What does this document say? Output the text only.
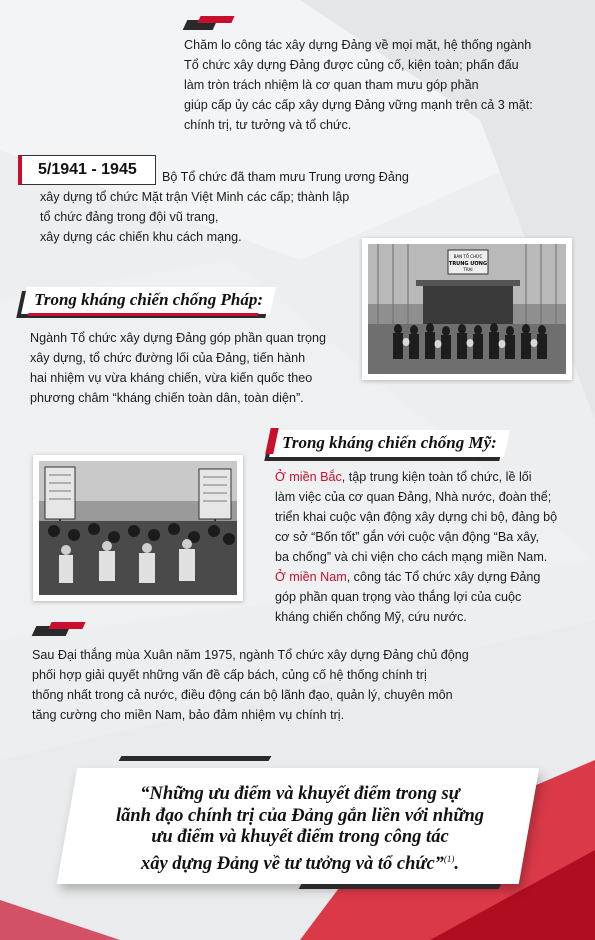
Chăm lo công tác xây dựng Đảng về mọi mặt, hệ thống ngành

Tổ chức xây dựng Đảng được củng cố, kiện toàn; phấn đấu

làm tròn trách nhiệm là cơ quan tham mưu góp phần

giúp cấp ủy các cấp xây dựng Đảng vững mạnh trên cả 3 mặt:

chính trị, tư tưởng và tổ chức.

5/1941 - 1945	Bộ Tổ chức đã tham mưu Trung ương Đảng

xây dựng tổ chức Mặt trận Việt Minh các cấp; thành lập

tổ chức đảng trong đội vũ trang,

xây dựng các chiến khu cách mạng.

BAN TỔ CHỨC
TRUNG ƯƠNG
TRẠI
Trong kháng chiến chống Pháp:

Ngành Tổ chức xây dựng Đảng góp phần quan trọng

xây dựng, tổ chức đường lối của Đảng, tiến hành

hai nhiệm vụ vừa kháng chiến, vừa kiến quốc theo

phương châm “kháng chiến toàn dân, toàn diện”.

Trong kháng chiến chống Mỹ:

Ở miền Bắc, tập trung kiện toàn tổ chức, lề lối

làm việc của cơ quan Đảng, Nhà nước, đoàn thể;

triển khai cuộc vận động xây dựng chi bộ, đảng bộ

cơ sở “Bốn tốt” gắn với cuộc vận động “Ba xây,

ba chống” và chi viện cho cách mạng miền Nam.

Ở miền Nam, công tác Tổ chức xây dựng Đảng

góp phần quan trọng vào thắng lợi của cuộc

kháng chiến chống Mỹ, cứu nước.

Sau Đại thắng mùa Xuân năm 1975, ngành Tổ chức xây dựng Đảng chủ động

phối hợp giải quyết những vấn đề cấp bách, củng cố hệ thống chính trị

thống nhất trong cả nước, điều động cán bộ lãnh đạo, quản lý, chuyên môn

tăng cường cho miền Nam, bảo đảm nhiệm vụ chính trị.

“Những ưu điểm và khuyết điểm trong sự
lãnh đạo chính trị của Đảng gắn liền với những
ưu điểm và khuyết điểm trong công tác
xây dựng Đảng về tư tưởng và tổ chức”$^{(1)}$.
